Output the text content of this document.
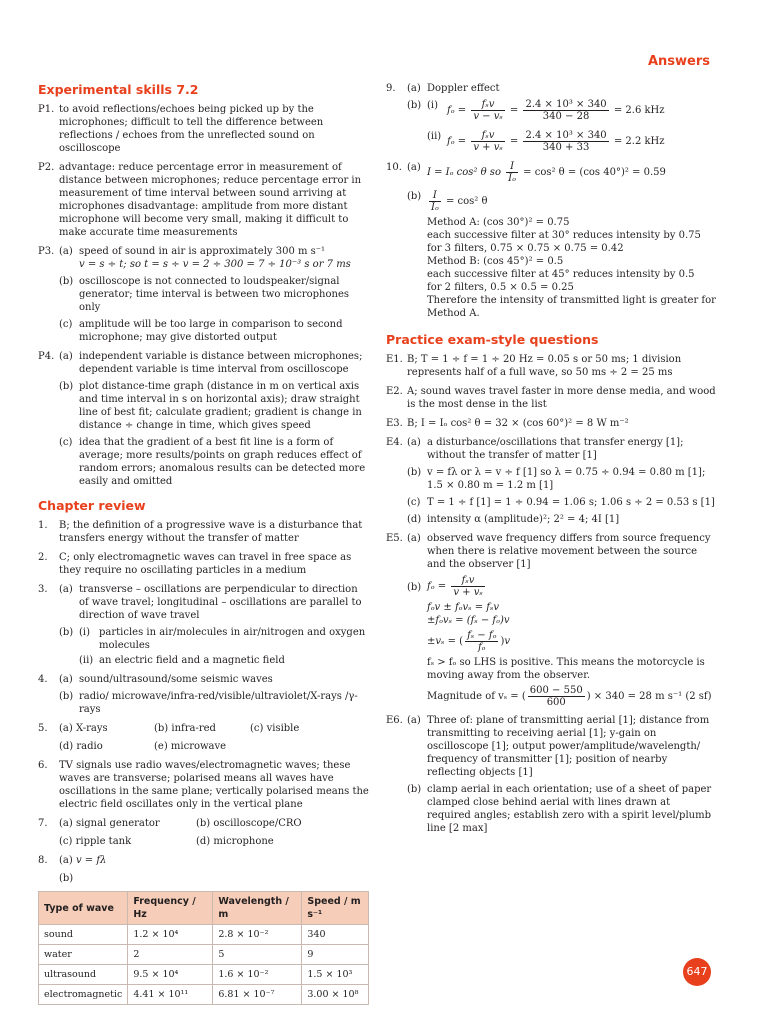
Answers
Experimental skills 7.2
P1. to avoid reflections/echoes being picked up by the microphones; difficult to tell the difference between reflections / echoes from the unreflected sound on oscilloscope
P2. advantage: reduce percentage error in measurement of distance between microphones; reduce percentage error in measurement of time interval between sound arriving at microphones disadvantage: amplitude from more distant microphone will become very small, making it difficult to make accurate time measurements
P3. (a) speed of sound in air is approximately 300 m s⁻¹
v = s ÷ t; so t = s ÷ v = 2 ÷ 300 = 7 ÷ 10⁻³ s or 7 ms
(b) oscilloscope is not connected to loudspeaker/signal generator; time interval is between two microphones only
(c) amplitude will be too large in comparison to second microphone; may give distorted output
P4. (a) independent variable is distance between microphones; dependent variable is time interval from oscilloscope
(b) plot distance-time graph (distance in m on vertical axis and time interval in s on horizontal axis); draw straight line of best fit; calculate gradient; gradient is change in distance ÷ change in time, which gives speed
(c) idea that the gradient of a best fit line is a form of average; more results/points on graph reduces effect of random errors; anomalous results can be detected more easily and omitted
Chapter review
1. B; the definition of a progressive wave is a disturbance that transfers energy without the transfer of matter
2. C; only electromagnetic waves can travel in free space as they require no oscillating particles in a medium
3. (a) transverse – oscillations are perpendicular to direction of wave travel; longitudinal – oscillations are parallel to direction of wave travel
(b) (i) particles in air/molecules in air/nitrogen and oxygen molecules
(ii) an electric field and a magnetic field
4. (a) sound/ultrasound/some seismic waves
(b) radio/ microwave/infra-red/visible/ultraviolet/X-rays /γ-rays
5. (a) X-rays	(b) infra-red	(c) visible
(d) radio	(e) microwave
6. TV signals use radio waves/electromagnetic waves; these waves are transverse; polarised means all waves have oscillations in the same plane; vertically polarised means the electric field oscillates only in the vertical plane
7. (a) signal generator	(b) oscilloscope/CRO
(c) ripple tank	(d) microphone
8. (a) v = fλ
(b)
Type of wave	Frequency / Hz	Wavelength / m	Speed / m s⁻¹
sound	1.2 × 10⁴	2.8 × 10⁻²	340
water	2	5	9
ultrasound	9.5 × 10⁴	1.6 × 10⁻²	1.5 × 10³
electromagnetic	4.41 × 10¹¹	6.81 × 10⁻⁷	3.00 × 10⁸
9. (a) Doppler effect
(b) (i) $f_o = \frac{\text{fₛv}}{\text{v − vₛ}} = \frac{\text{2.4 × 10³ × 340}}{340 - 28} = 2.6$ kHz
(ii) $f_o = \frac{\text{fₛv}}{\text{v + vₛ}} = \frac{\text{2.4 × 10³ × 340}}{340 + 33} = 2.2$ kHz
10. (a) I = Iₒ cos² θ so $\frac{I}{\text{Iₒ}} = \cos^2$ θ = (cos 40°)² = 0.59
$(b) \frac{I}{\text{Iₒ}} = \cos^2$ θ
Method A: (cos 30°)² = 0.75
each successive filter at 30° reduces intensity by 0.75
for 3 filters, 0.75 × 0.75 × 0.75 = 0.42
Method B: (cos 45°)² = 0.5
each successive filter at 45° reduces intensity by 0.5
for 2 filters, 0.5 × 0.5 = 0.25
Therefore the intensity of transmitted light is greater for Method A.
Practice exam-style questions
E1. B; T = 1 ÷ f = 1 ÷ 20 Hz = 0.05 s or 50 ms; 1 division represents half of a full wave, so 50 ms ÷ 2 = 25 ms
E2. A; sound waves travel faster in more dense media, and wood is the most dense in the list
E3. B; I = Iₒ cos² θ = 32 × (cos 60°)² = 8 W m⁻²
E4. (a) a disturbance/oscillations that transfer energy [1]; without the transfer of matter [1]
(b) v = fλ or λ = v ÷ f [1] so λ = 0.75 ÷ 0.94 = 0.80 m [1]; 1.5 × 0.80 m = 1.2 m [1]
(c) T = 1 ÷ f [1] = 1 ÷ 0.94 = 1.06 s; 1.06 s ÷ 2 = 0.53 s [1]
(d) intensity α (amplitude)²; 2² = 4; 4I [1]
E5. (a) observed wave frequency differs from source frequency when there is relative movement between the source and the observer [1]
(b) $f_o = \frac{\text{fₛv}}{\text{v + vₛ}}$
fₒv ± fₒvₛ = fₛv
±fₒvₛ = (fₛ − fₒ)v
±vₛ = ( $\frac{\text{fₛ − fₒ}}{\text{fₒ}} )v$
fₛ > fₒ so LHS is positive. This means the motorcycle is moving away from the observer.
Magnitude of vₛ = ( $\frac{600 - 550}{600}$ ) × 340 = 28 m s⁻¹ (2 sf)
E6. (a) Three of: plane of transmitting aerial [1]; distance from transmitting to receiving aerial [1]; y-gain on oscilloscope [1]; output power/amplitude/wavelength/ frequency of transmitter [1]; position of nearby reflecting objects [1]
(b) clamp aerial in each orientation; use of a sheet of paper clamped close behind aerial with lines drawn at required angles; establish zero with a spirit level/plumb line [2 max]
647
